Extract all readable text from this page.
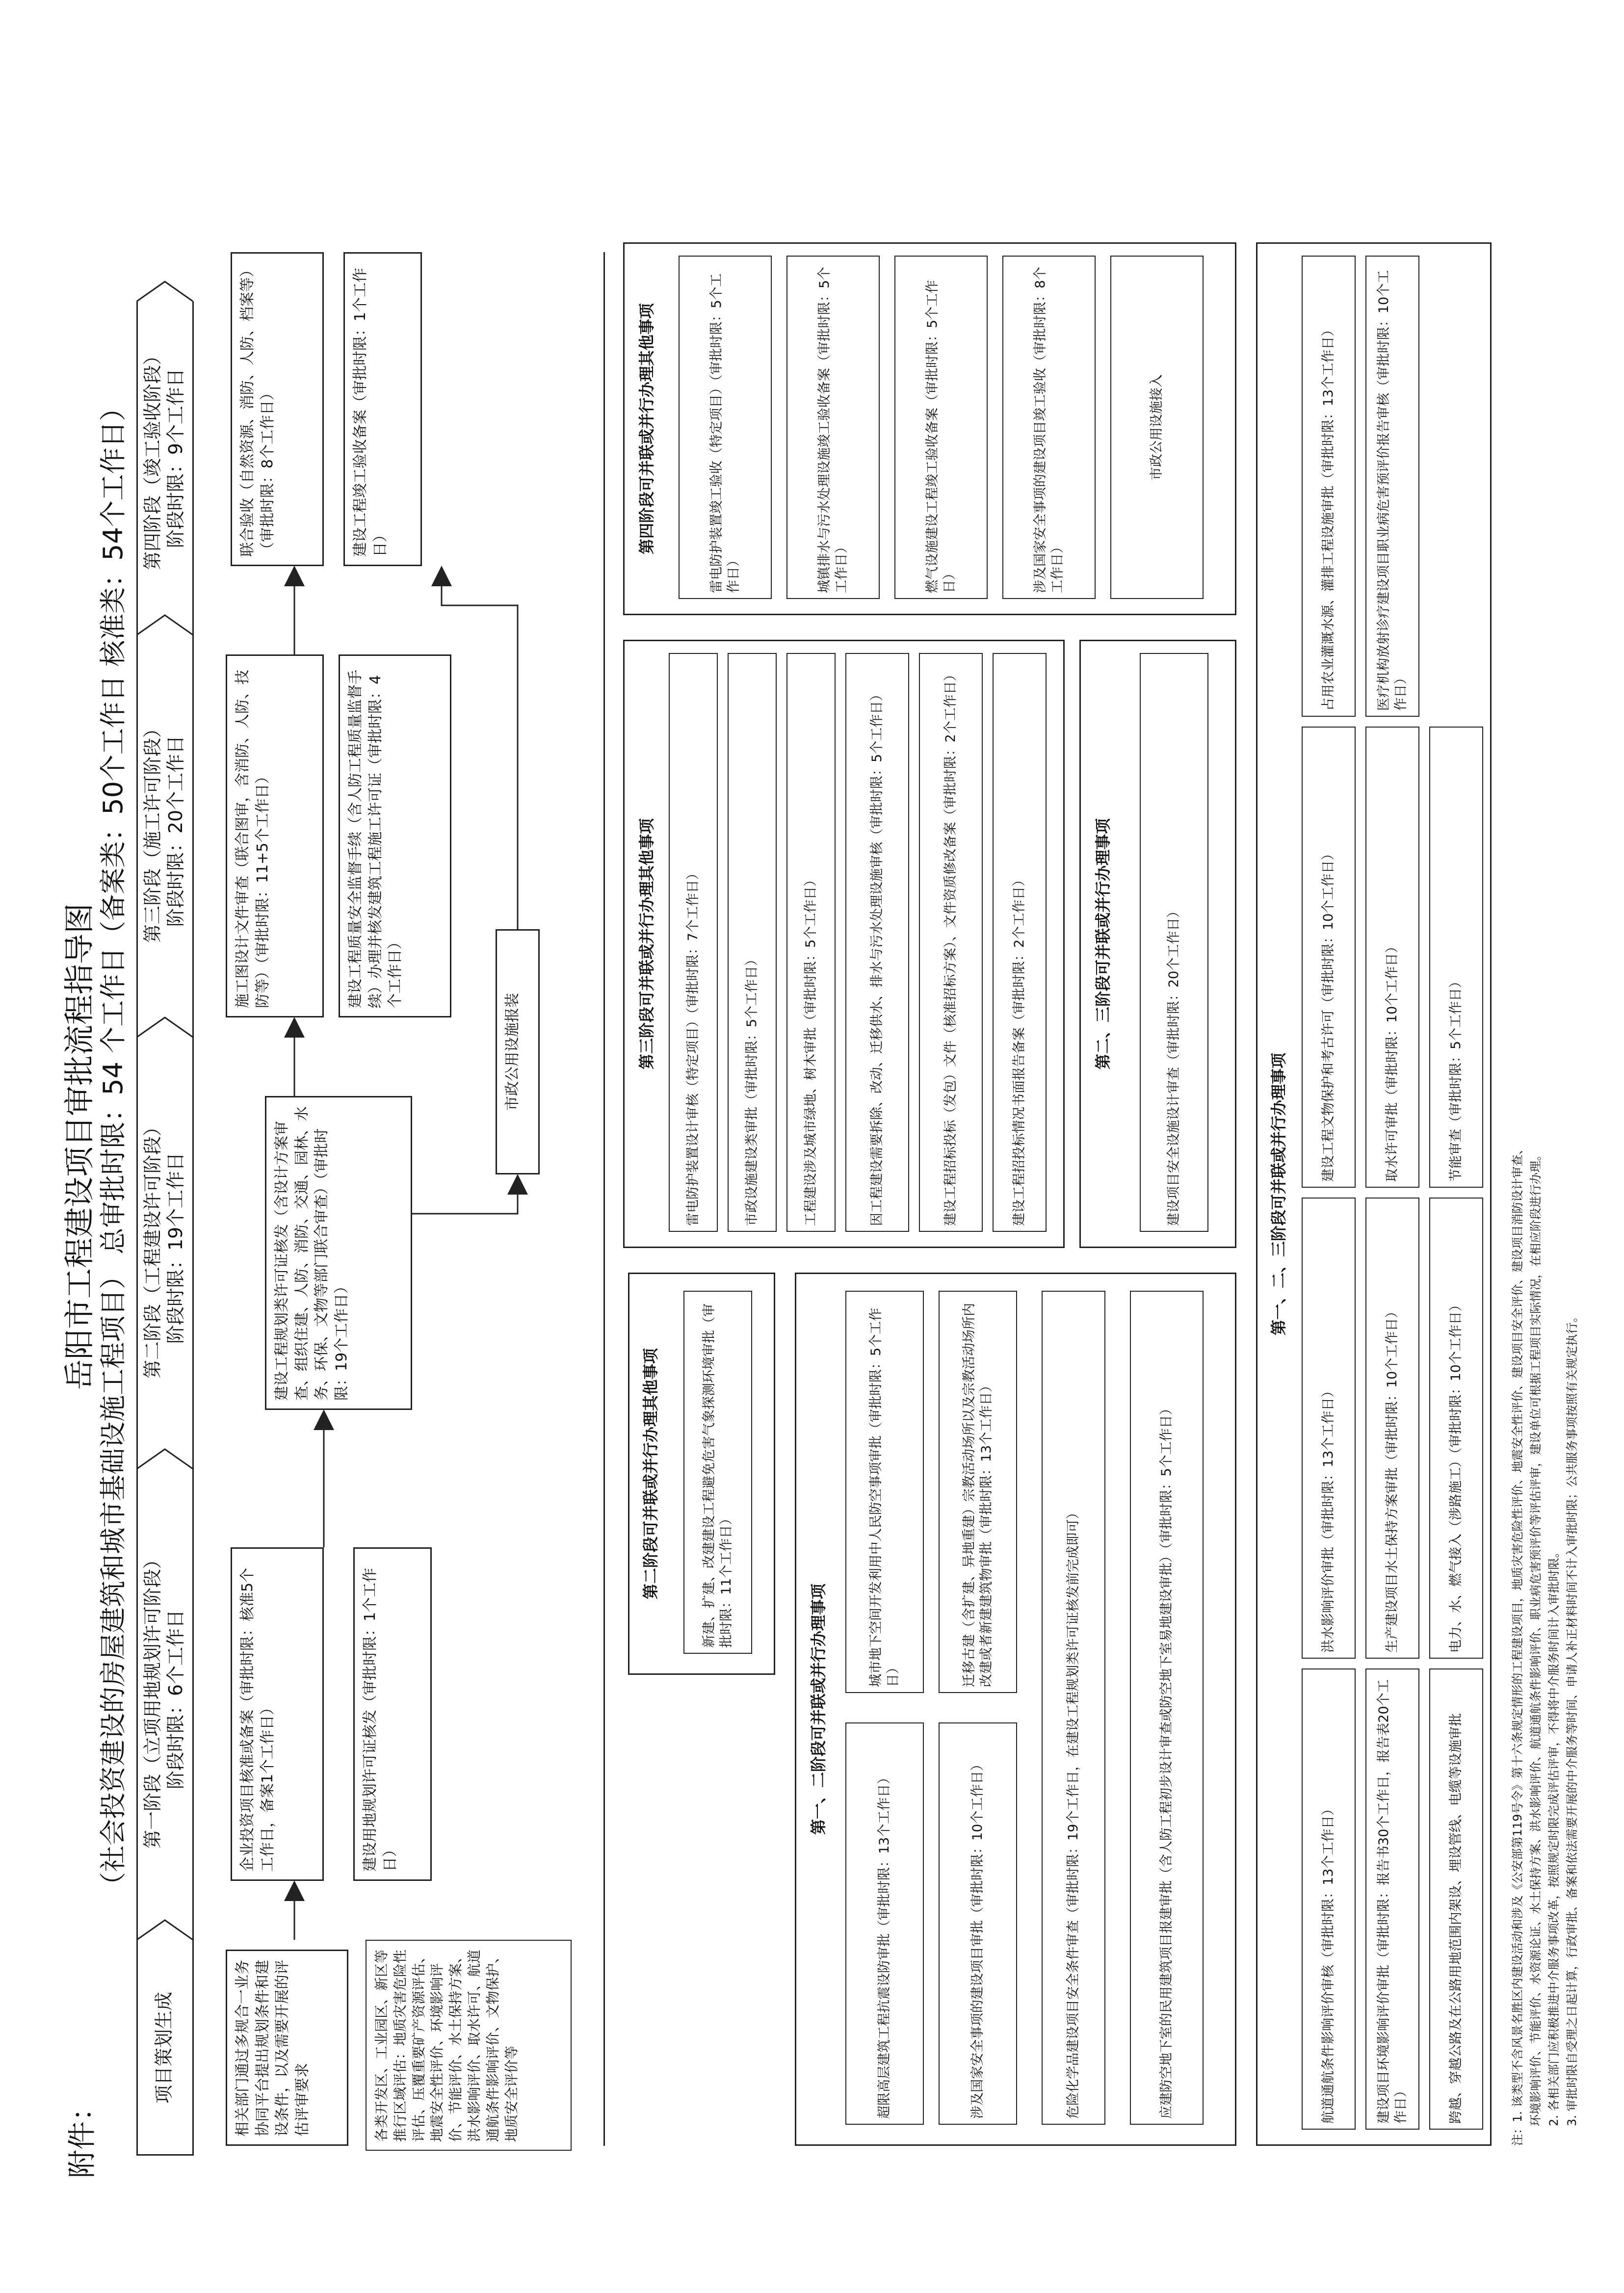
附件：
岳阳市工程建设项目审批流程指导图 （社会投资建设的房屋建筑和城市基础设施工程项目） 总审批时限：54 个工作日（备案类：50个工作日 核准类：54个工作日）
项目策划生成
第一阶段（立项用地规划许可阶段） 阶段时限：6个工作日
第二阶段（工程建设许可阶段） 阶段时限：19个工作日
第三阶段（施工许可阶段） 阶段时限：20个工作日
第四阶段（竣工验收阶段） 阶段时限：9个工作日
相关部门通过多规合一业务协同平台提出规划条件和建设条件，以及需要开展的评估评审要求	各类开发区、工业园区、新区等推行区域评估：地质灾害危险性评估、压覆重要矿产资源评估、地震安全性评价、环境影响评价、节能评价、水土保持方案、洪水影响评价、取水许可、航道通航条件影响评价、文物保护、地质安全评价等
企业投资项目核准或备案（审批时限：核准5个工作日，备案1个工作日）	建设用地规划许可证核发（审批时限：1个工作日）
建设工程规划类许可证核发（含设计方案审查、组织住建、人防、消防、交通、园林、水务、环保、文物等部门联合审查）（审批时限：19个工作日）
施工图设计文件审查（联合图审，含消防、人防、技防等）（审批时限：11+5个工作日）	建设工程质量安全监督手续（含人防工程质量监督手续）办理并核发建筑工程施工许可证（审批时限：4个工作日）
市政公用设施报装
联合验收（自然资源、消防、人防、档案等）（审批时限：8个工作日）	建设工程竣工验收备案（审批时限：1个工作日）
第二阶段可并联或并行办理其他事项	新建、扩建、改建建设工程避免危害气象探测环境审批（审批时限：11个工作日）
第一、二阶段可并联或并行办理事项
超限高层建筑工程抗震设防审批（审批时限：13个工作日）
城市地下空间开发利用中人民防空事项审批（审批时限：5个工作日）
涉及国家安全事项的建设项目审批（审批时限：10个工作日）
迁移古建（含扩建、异地重建）宗教活动场所以及宗教活动场所内改建或者新建建筑物审批（审批时限：13个工作日）	危险化学品建设项目安全条件审查（审批时限：19个工作日，在建设工程规划类许可证核发前完成即可）	应建防空地下室的民用建筑项目报建审批（含人防工程初步设计审查或防空地下室易地建设审批）（审批时限：5个工作日）
第三阶段可并联或并行办理其他事项	雷电防护装置设计审核（特定项目）（审批时限：7个工作日）	市政设施建设类审批（审批时限：5个工作日）	工程建设涉及城市绿地、树木审批（审批时限：5个工作日）	因工程建设需要拆除、改动、迁移供水、排水与污水处理设施审核（审批时限：5个工作日）	建设工程招标投标（发包）文件（核准招标方案）、文件资质修改备案（审批时限：2个工作日）	建设工程招投标情况书面报告备案（审批时限：2个工作日）	第二、三阶段可并联或并行办理事项	建设项目安全设施设计审查（审批时限：20个工作日）
第四阶段可并联或并行办理其他事项	雷电防护装置竣工验收（特定项目）（审批时限：5个工作日）	城镇排水与污水处理设施竣工验收备案（审批时限：5个工作日）	燃气设施建设工程竣工验收备案（审批时限：5个工作日）	涉及国家安全事项的建设项目竣工验收（审批时限：8个工作日）
市政公用设施接入
第一、二、三阶段可并联或并行办理事项
航道通航条件影响评价审核（审批时限：13个工作日）
洪水影响评价审批（审批时限：13个工作日）
建设工程文物保护和考古许可（审批时限：10个工作日）
占用农业灌溉水源、灌排工程设施审批（审批时限：13个工作日）
建设项目环境影响评价审批（审批时限：报告书30个工作日，报告表20个工作日）
生产建设项目水土保持方案审批（审批时限：10个工作日）
取水许可审批（审批时限：10个工作日）
医疗机构放射诊疗建设项目职业病危害预评价报告审核（审批时限：10个工作日）
跨越、穿越公路及在公路用地范围内架设、埋设管线、电缆等设施审批
电力、水、燃气接入（涉路施工）（审批时限：10个工作日）
节能审查（审批时限：5个工作日）
注：1. 该类型不含风景名胜区内建设活动和涉及《公安部第119号令》第十六条规定情形的工程建设项目，地质灾害危险性评价、地震安全性评价、建设项目安全评价、建设项目消防设计审查、 环境影响评价、节能评价、水资源论证、水土保持方案、洪水影响评价、航道通航条件影响评价、职业病危害预评价等评估评审，建设单位可根据工程项目实际情况，在相应阶段进行办理。 2. 各相关部门应积极推进中介服务事项改革，按照规定时限完成评估评审，不得将中介服务时间计入审批时限。 3. 审批时限自受理之日起计算，行政审批、备案和依法需要开展的中介服务等时间、申请人补正材料时间不计入审批时限；公共服务事项按照有关规定执行。
